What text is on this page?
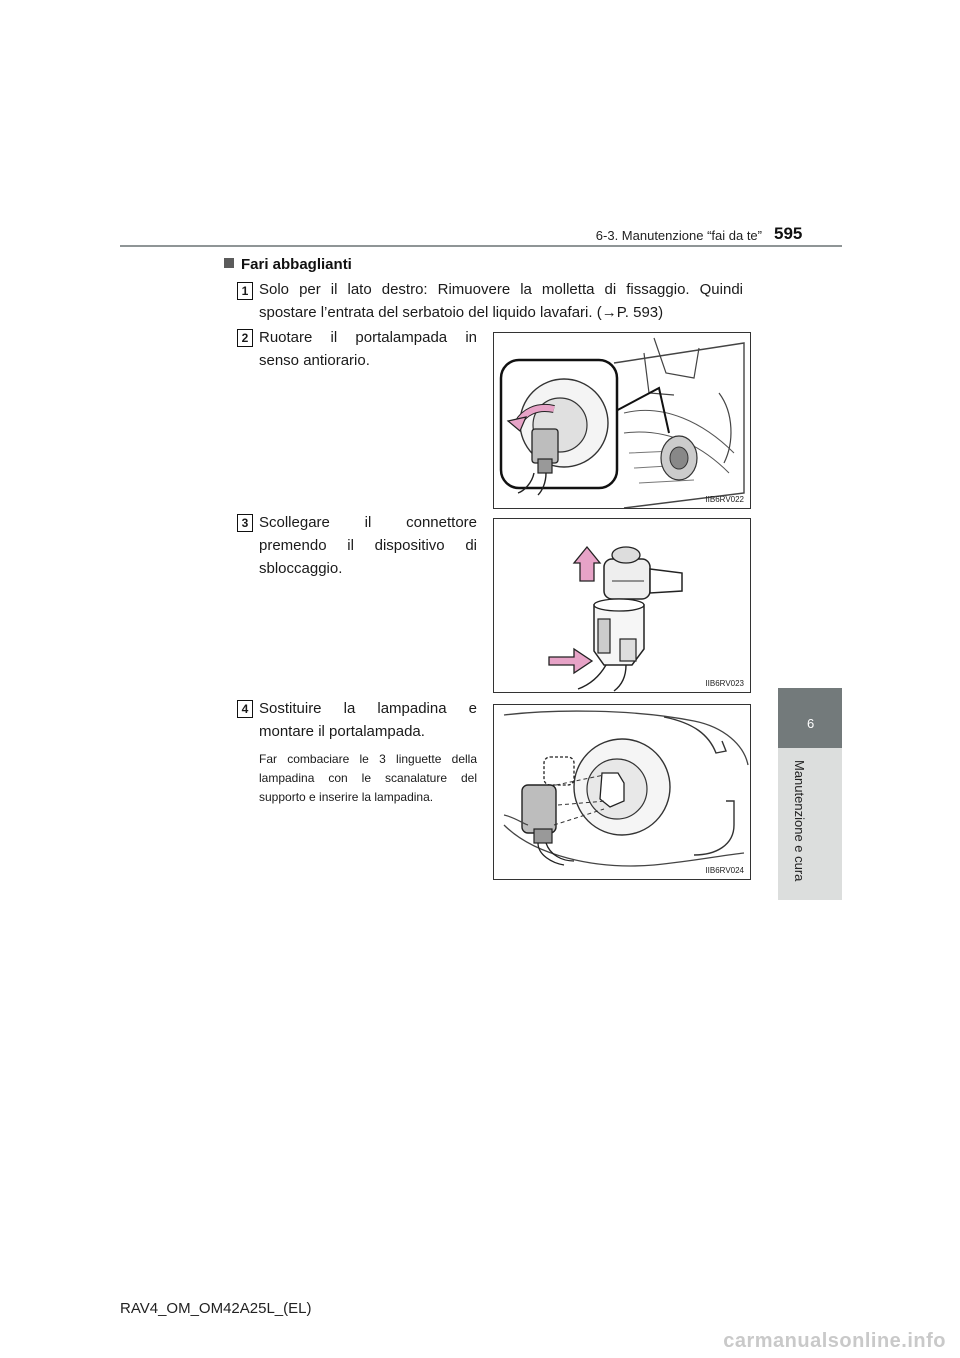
6-3. Manutenzione “fai da te” 595
6
Manutenzione e cura
Fari abbaglianti
1 Solo per il lato destro: Rimuovere la molletta di fissaggio. Quindi spostare l’entrata del serbatoio del liquido lavafari. (→P. 593)
2 Ruotare il portalampada in senso antiorario.
IIB6RV022
3 Scollegare il connettore premendo il dispositivo di sbloccaggio.
IIB6RV023
4 Sostituire la lampadina e montare il portalampada.
Far combaciare le 3 linguette della lampadina con le scanalature del supporto e inserire la lampadina.
IIB6RV024
RAV4_OM_OM42A25L_(EL)
carmanualsonline.info
